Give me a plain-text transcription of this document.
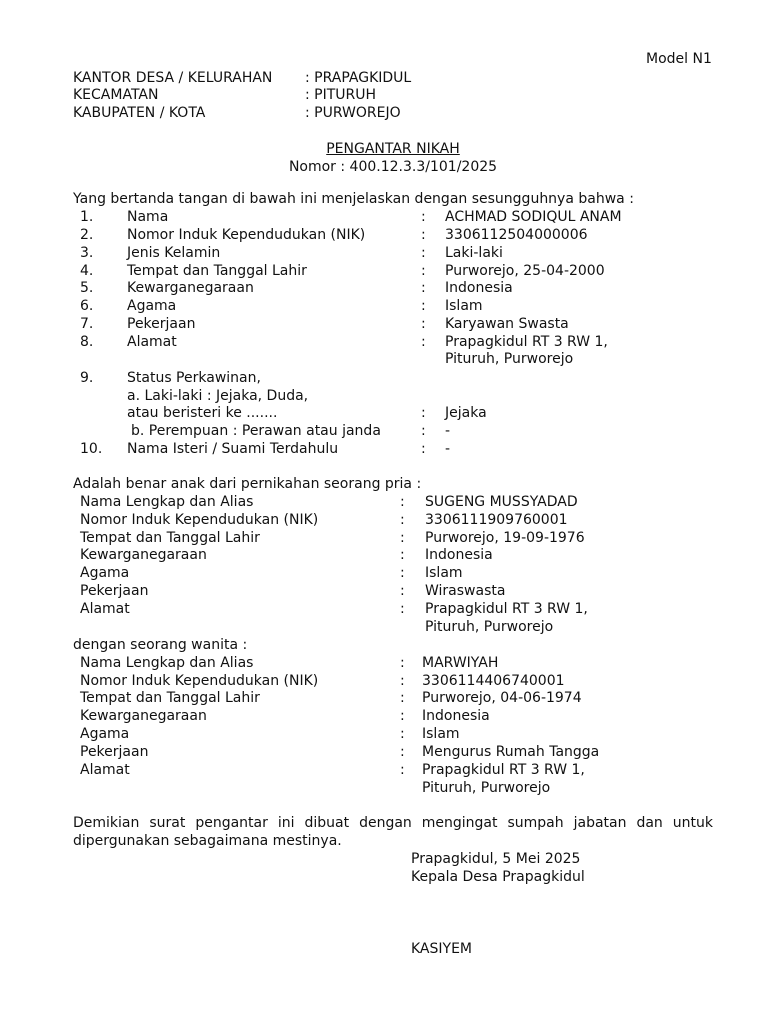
Model N1
KANTOR DESA / KELURAHAN : PRAPAGKIDUL
KECAMATAN	: PITURUH
KABUPATEN / KOTA	: PURWOREJO
PENGANTAR NIKAH
Nomor : 400.12.3.3/101/2025
Yang bertanda tangan di bawah ini menjelaskan dengan sesungguhnya bahwa :
1. Nama	: ACHMAD SODIQUL ANAM
2. Nomor Induk Kependudukan (NIK)	: 3306112504000006
3. Jenis Kelamin	: Laki-laki
4. Tempat dan Tanggal Lahir	: Purworejo, 25-04-2000
5. Kewarganegaraan	: Indonesia
6. Agama	: Islam
7. Pekerjaan	: Karyawan Swasta
8. Alamat	: Prapagkidul RT 3 RW 1,
Pituruh, Purworejo
9. Status Perkawinan,
a. Laki-laki : Jejaka, Duda,
atau beristeri ke .......	: Jejaka
b. Perempuan : Perawan atau janda	: -
10. Nama Isteri / Suami Terdahulu	: -
Adalah benar anak dari pernikahan seorang pria :
Nama Lengkap dan Alias	: SUGENG MUSSYADAD
Nomor Induk Kependudukan (NIK)	: 3306111909760001
Tempat dan Tanggal Lahir	: Purworejo, 19-09-1976
Kewarganegaraan	: Indonesia
Agama	: Islam
Pekerjaan	: Wiraswasta
Alamat	: Prapagkidul RT 3 RW 1,
Pituruh, Purworejo
dengan seorang wanita :
Nama Lengkap dan Alias	: MARWIYAH
Nomor Induk Kependudukan (NIK)	: 3306114406740001
Tempat dan Tanggal Lahir	: Purworejo, 04-06-1974
Kewarganegaraan	: Indonesia
Agama	: Islam
Pekerjaan	: Mengurus Rumah Tangga
Alamat	: Prapagkidul RT 3 RW 1,
Pituruh, Purworejo
Demikian surat pengantar ini dibuat dengan mengingat sumpah jabatan dan untuk dipergunakan sebagaimana mestinya.
Prapagkidul, 5 Mei 2025
Kepala Desa Prapagkidul
KASIYEM
